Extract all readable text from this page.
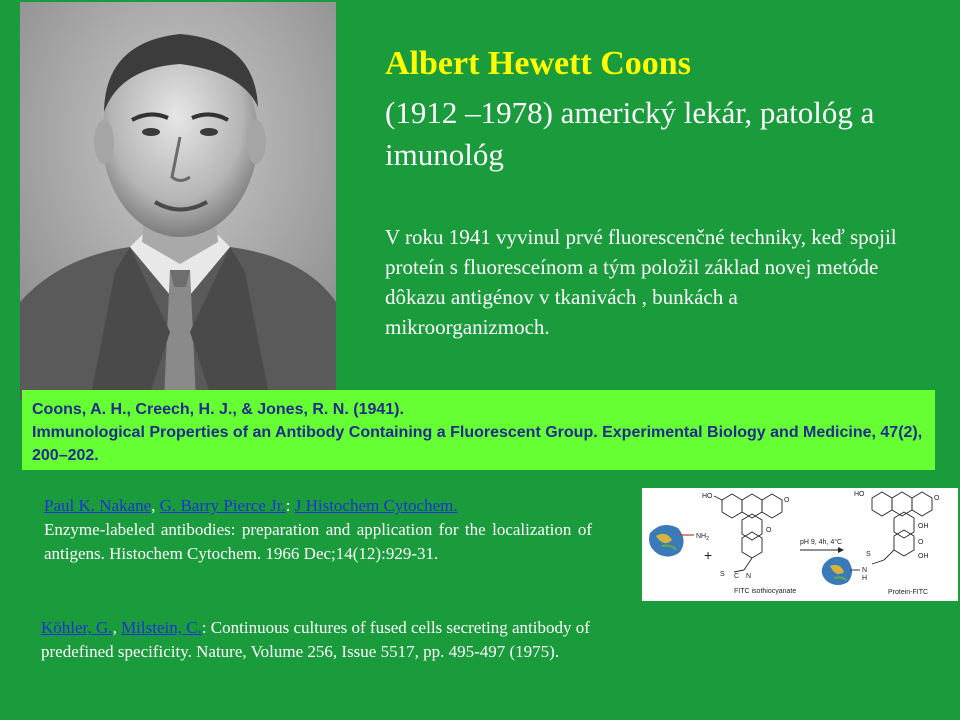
Albert Hewett Coons

(1912 –1978) americký lekár, patológ a imunológ

V roku 1941 vyvinul prvé fluorescenčné techniky, keď spojil proteín s fluoresceínom a tým položil základ novej metóde dôkazu antigénov v tkanivách , bunkách a mikroorganizmoch.

Coons, A. H., Creech, H. J., & Jones, R. N. (1941).

Immunological Properties of an Antibody Containing a Fluorescent Group. Experimental Biology and Medicine, 47(2), 200–202.

Paul K. Nakane, G. Barry Pierce Jr.: J Histochem Cytochem.

Enzyme-labeled antibodies: preparation and application for the localization of antigens. Histochem Cytochem. 1966 Dec;14(12):929-31.

$NH_2$
+
HO
O
O
S C N
FITC isothiocyanate
pH 9, 4h, 4°C
HO
O
OH
O
OH
S
N
H
Protein-FITC

Köhler, G., Milstein, C.: Continuous cultures of fused cells secreting antibody of predefined specificity. Nature, Volume 256, Issue 5517, pp. 495-497 (1975).
